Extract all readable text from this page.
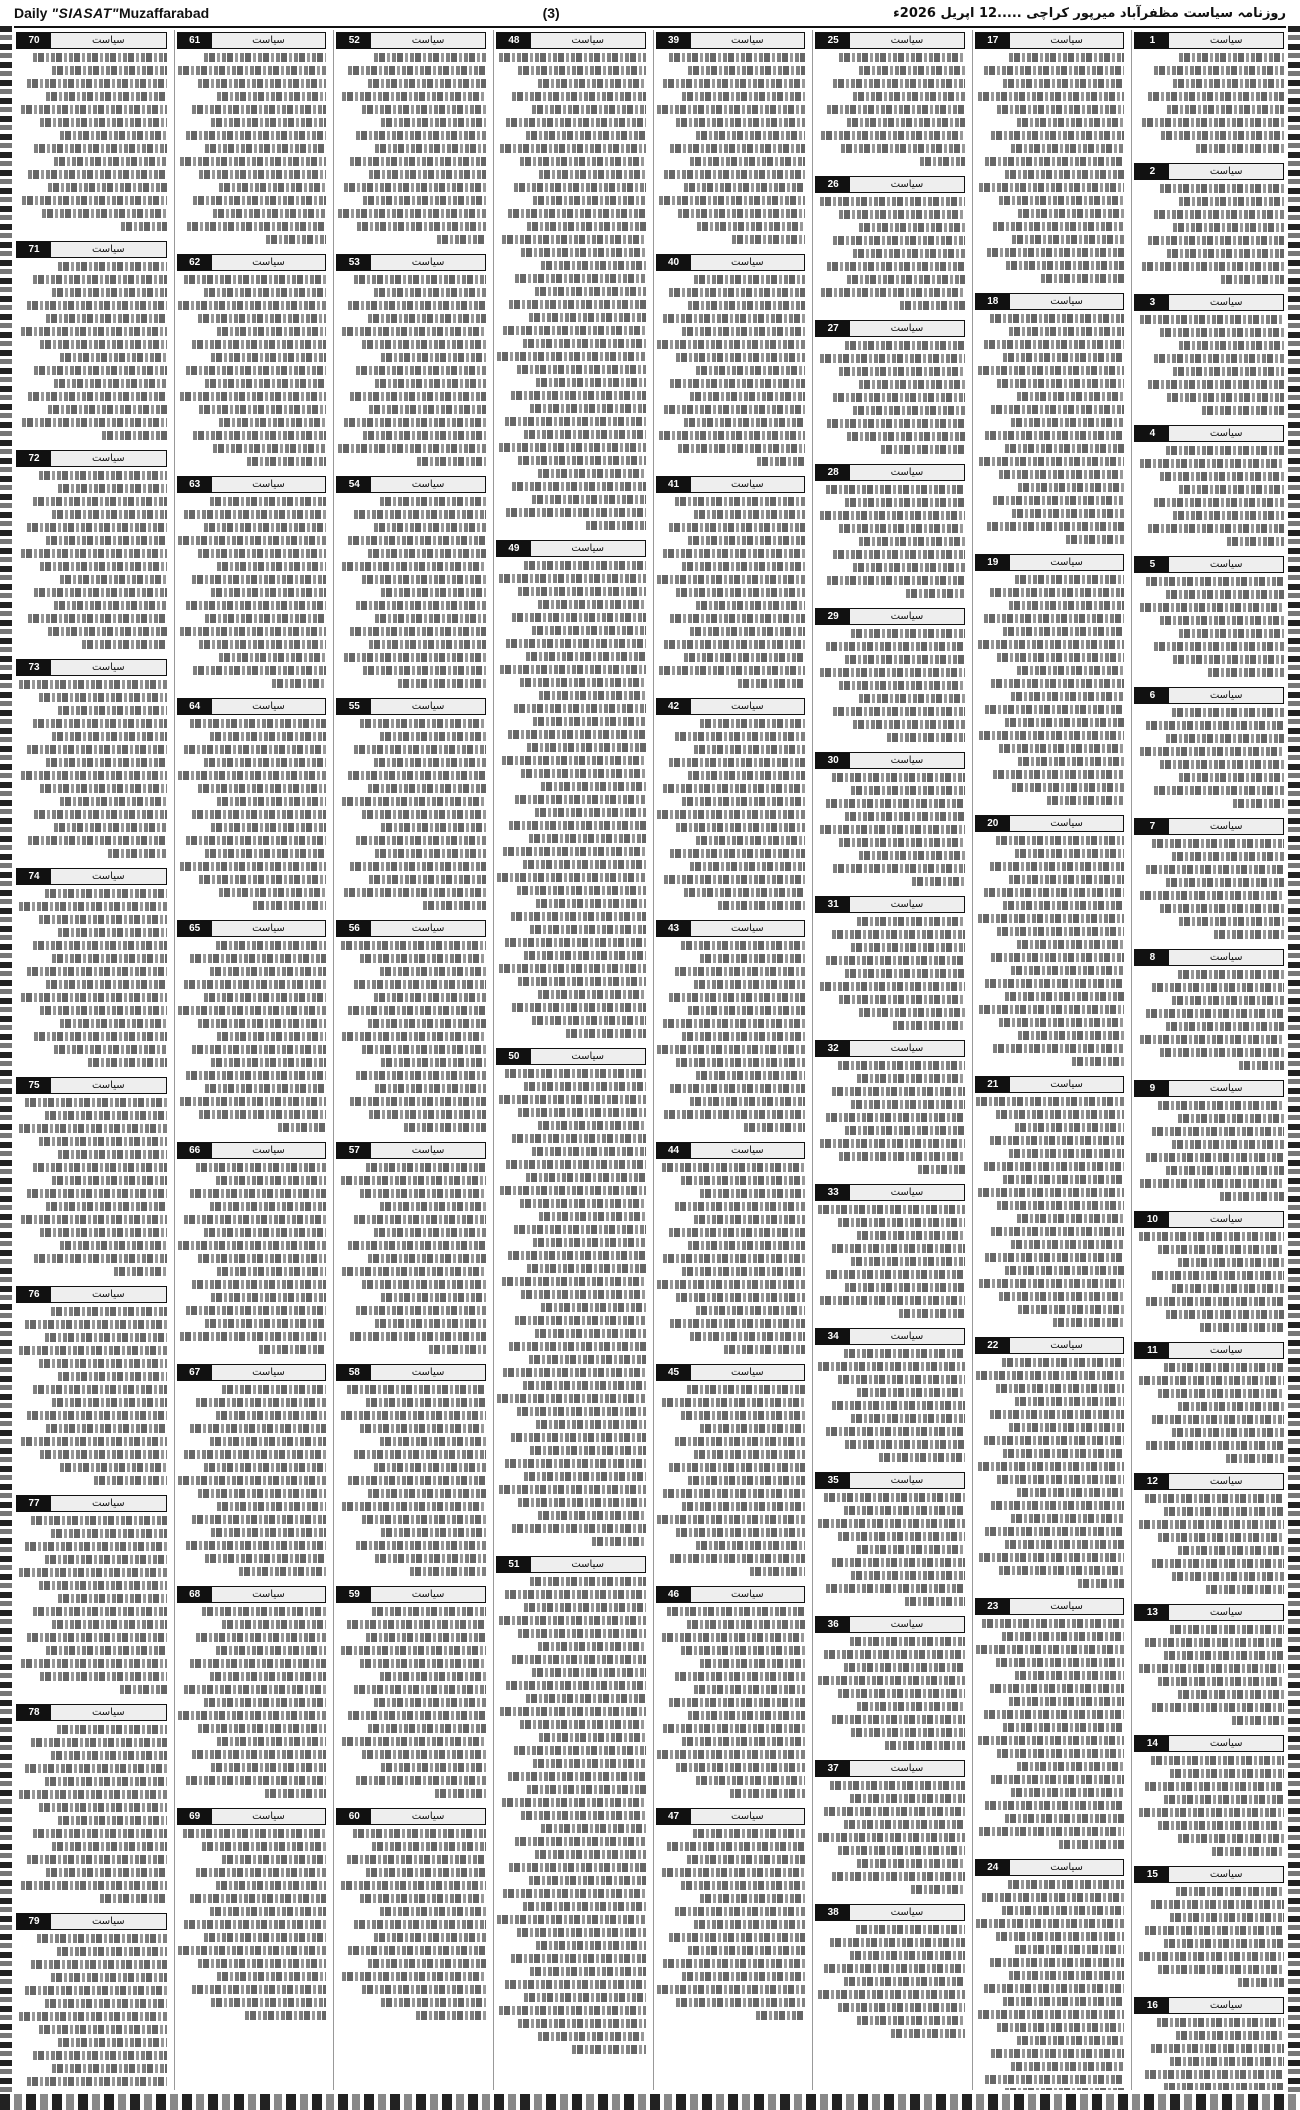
Daily "SIASAT"Muzaffarabad	(3)	روزنامہ سیاست مظفرآباد میرپور کراچی .....12 اپریل 2026ء
1	سیاست
2	سیاست
3	سیاست
4	سیاست
5	سیاست
6	سیاست
7	سیاست
8	سیاست
9	سیاست
10	سیاست
11	سیاست
12	سیاست
13	سیاست
14	سیاست
15	سیاست
16	سیاست
17	سیاست
18	سیاست
19	سیاست
20	سیاست
21	سیاست
22	سیاست
23	سیاست
24	سیاست
25	سیاست
26	سیاست
27	سیاست
28	سیاست
29	سیاست
30	سیاست
31	سیاست
32	سیاست
33	سیاست
34	سیاست
35	سیاست
36	سیاست
37	سیاست
38	سیاست
39	سیاست
40	سیاست
41	سیاست
42	سیاست
43	سیاست
44	سیاست
45	سیاست
46	سیاست
47	سیاست
48	سیاست
49	سیاست
50	سیاست
51	سیاست
52	سیاست
53	سیاست
54	سیاست
55	سیاست
56	سیاست
57	سیاست
58	سیاست
59	سیاست
60	سیاست
61	سیاست
62	سیاست
63	سیاست
64	سیاست
65	سیاست
66	سیاست
67	سیاست
68	سیاست
69	سیاست
70	سیاست
71	سیاست
72	سیاست
73	سیاست
74	سیاست
75	سیاست
76	سیاست
77	سیاست
78	سیاست
79	سیاست
